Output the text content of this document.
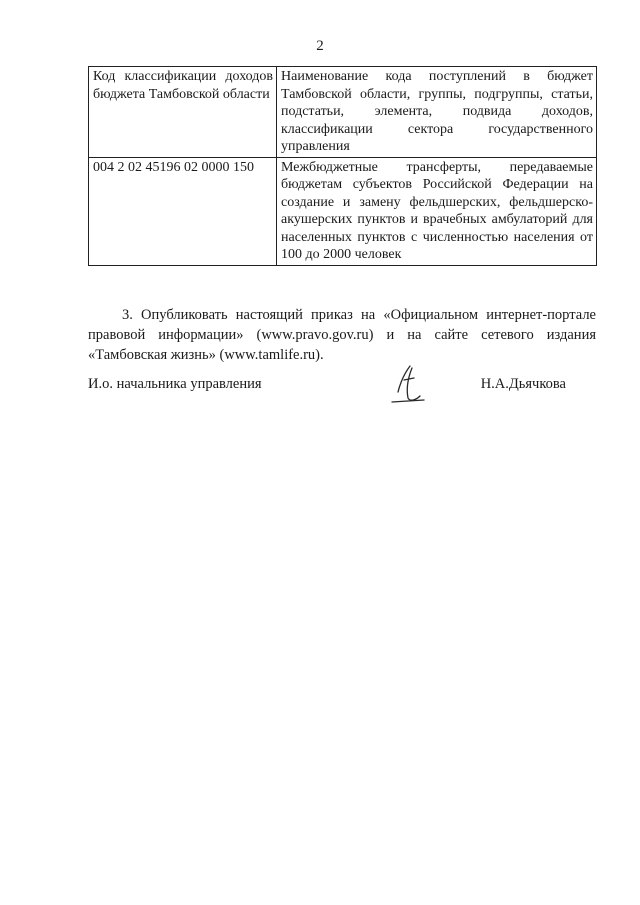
2
Код классификации доходов бюджета Тамбовской области	Наименование кода поступлений в бюджет Тамбовской области, группы, подгруппы, статьи, подстатьи, элемента, подвида доходов, классификации сектора государственного управления
004 2 02 45196 02 0000 150	Межбюджетные трансферты, передаваемые бюджетам субъектов Российской Федерации на создание и замену фельдшерских, фельдшерско-акушерских пунктов и врачебных амбулаторий для населенных пунктов с численностью населения от 100 до 2000 человек

3. Опубликовать настоящий приказ на «Официальном интернет-портале правовой информации» (www.pravo.gov.ru) и на сайте сетевого издания «Тамбовская жизнь» (www.tamlife.ru).

И.о. начальника управления	Н.А.Дьячкова
